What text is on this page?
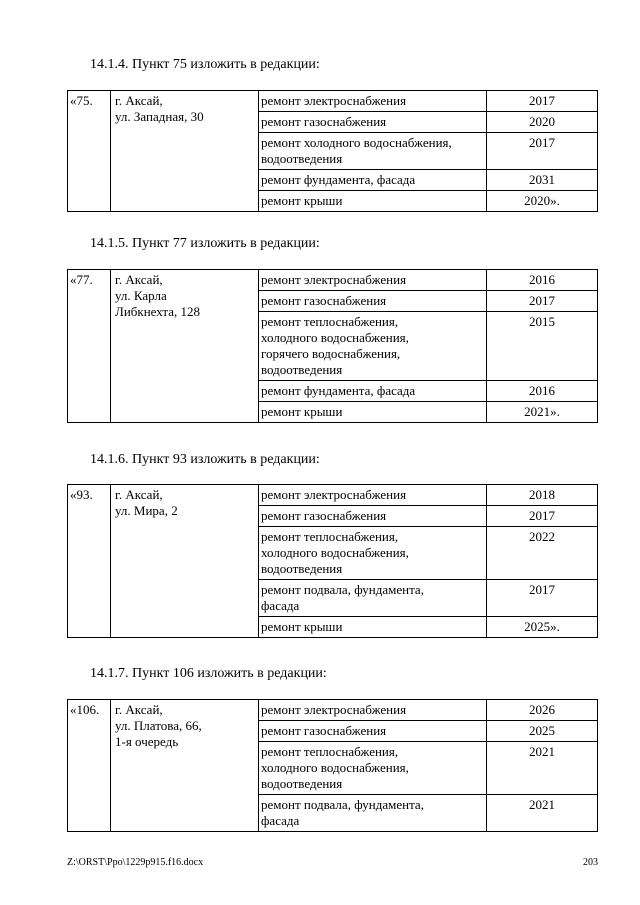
14.1.4. Пункт 75 изложить в редакции:
«75.	г. Аксай,
ул. Западная, 30	ремонт электроснабжения	2017

		ремонт газоснабжения	2020

		ремонт холодного водоснабжения,
водоотведения	2017

		ремонт фундамента, фасада	2031

		ремонт крыши	2020».
14.1.5. Пункт 77 изложить в редакции:
«77.	г. Аксай,
ул. Карла
Либкнехта, 128	ремонт электроснабжения	2016

		ремонт газоснабжения	2017

		ремонт теплоснабжения,
холодного водоснабжения,
горячего водоснабжения,
водоотведения	2015

		ремонт фундамента, фасада	2016

		ремонт крыши	2021».
14.1.6. Пункт 93 изложить в редакции:
«93.	г. Аксай,
ул. Мира, 2	ремонт электроснабжения	2018

		ремонт газоснабжения	2017

		ремонт теплоснабжения,
холодного водоснабжения,
водоотведения	2022

		ремонт подвала, фундамента,
фасада	2017

		ремонт крыши	2025».
14.1.7. Пункт 106 изложить в редакции:
«106.	г. Аксай,
ул. Платова, 66,
1-я очередь	ремонт электроснабжения	2026

		ремонт газоснабжения	2025

		ремонт теплоснабжения,
холодного водоснабжения,
водоотведения	2021

		ремонт подвала, фундамента,
фасада	2021
Z:\ORST\Ppo\1229p915.f16.docx	203
